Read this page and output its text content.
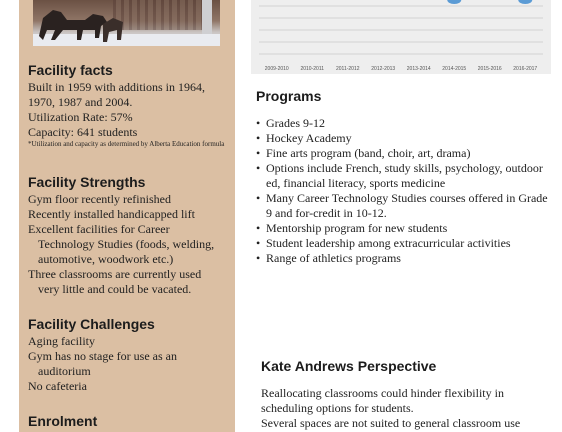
Facility facts
Built in 1959 with additions in 1964,
1970, 1987 and 2004.
Utilization Rate: 57%
Capacity: 641 students
*Utilization and capacity as determined by Alberta Education formula
Facility Strengths
Gym floor recently refinished
Recently installed handicapped lift
Excellent facilities for Career
Technology Studies (foods, welding,
automotive, woodwork etc.)
Three classrooms are currently used
very little and could be vacated.
Facility Challenges
Aging facility
Gym has no stage for use as an
auditorium
No cafeteria
Enrolment
2009-2010 2010-2011 2011-2012 2012-2013 2013-2014 2014-2015 2015-2016 2016-2017
Programs
• Grades 9-12
• Hockey Academy
• Fine arts program (band, choir, art, drama)
• Options include French, study skills, psychology, outdoor ed, financial literacy, sports medicine
• Many Career Technology Studies courses offered in Grade 9 and for-credit in 10-12.
• Mentorship program for new students
• Student leadership among extracurricular activities
• Range of athletics programs
Kate Andrews Perspective
Reallocating classrooms could hinder flexibility in
scheduling options for students.
Several spaces are not suited to general classroom use
